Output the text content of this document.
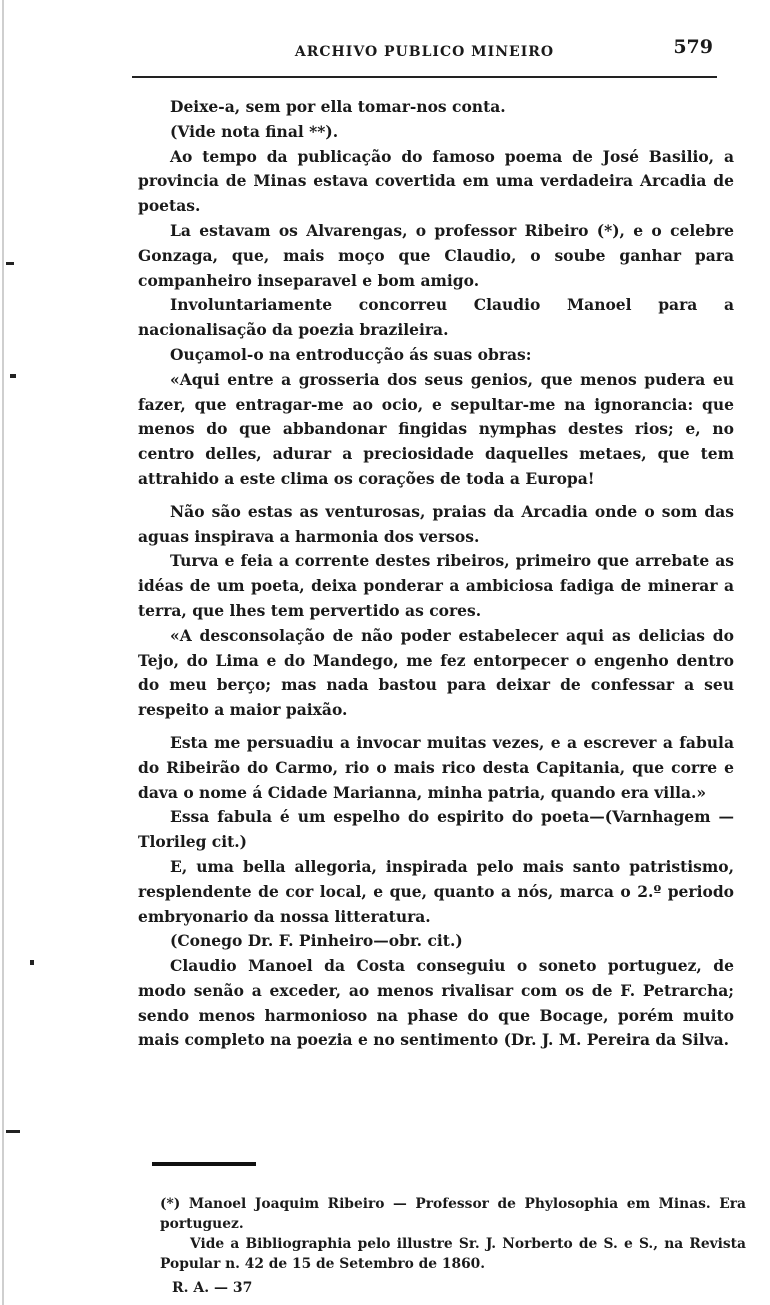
ARCHIVO PUBLICO MINEIRO	579

Deixe-a, sem por ella tomar-nos conta.

(Vide nota final **).

Ao tempo da publicação do famoso poema de José Basilio, a provincia de Minas estava covertida em uma verdadeira Arcadia de poetas.

La estavam os Alvarengas, o professor Ribeiro (*), e o celebre Gonzaga, que, mais moço que Claudio, o soube ganhar para companheiro inseparavel e bom amigo.

Involuntariamente concorreu Claudio Manoel para a nacionalisação da poezia brazileira.

Ouçamol-o na entroducção ás suas obras:

«Aqui entre a grosseria dos seus genios, que menos pudera eu fazer, que entragar-me ao ocio, e sepultar-me na ignorancia: que menos do que abbandonar fingidas nymphas destes rios; e, no centro delles, adurar a preciosidade daquelles metaes, que tem attrahido a este clima os corações de toda a Europa!

Não são estas as venturosas, praias da Arcadia onde o som das aguas inspirava a harmonia dos versos.

Turva e feia a corrente destes ribeiros, primeiro que arrebate as idéas de um poeta, deixa ponderar a ambiciosa fadiga de minerar a terra, que lhes tem pervertido as cores.

«A desconsolação de não poder estabelecer aqui as delicias do Tejo, do Lima e do Mandego, me fez entorpecer o engenho dentro do meu berço; mas nada bastou para deixar de confessar a seu respeito a maior paixão.

Esta me persuadiu a invocar muitas vezes, e a escrever a fabula do Ribeirão do Carmo, rio o mais rico desta Capitania, que corre e dava o nome á Cidade Marianna, minha patria, quando era villa.»

Essa fabula é um espelho do espirito do poeta—(Varnhagem — Tlorileg cit.)

E, uma bella allegoria, inspirada pelo mais santo patristismo, resplendente de cor local, e que, quanto a nós, marca o 2.º periodo embryonario da nossa litteratura.

(Conego Dr. F. Pinheiro—obr. cit.)

Claudio Manoel da Costa conseguiu o soneto portuguez, de modo senão a exceder, ao menos rivalisar com os de F. Petrarcha; sendo menos harmonioso na phase do que Bocage, porém muito mais completo na poezia e no sentimento (Dr. J. M. Pereira da Silva.

(*) Manoel Joaquim Ribeiro — Professor de Phylosophia em Minas. Era portuguez.

Vide a Bibliographia pelo illustre Sr. J. Norberto de S. e S., na Revista Popular n. 42 de 15 de Setembro de 1860.

R. A. — 37
